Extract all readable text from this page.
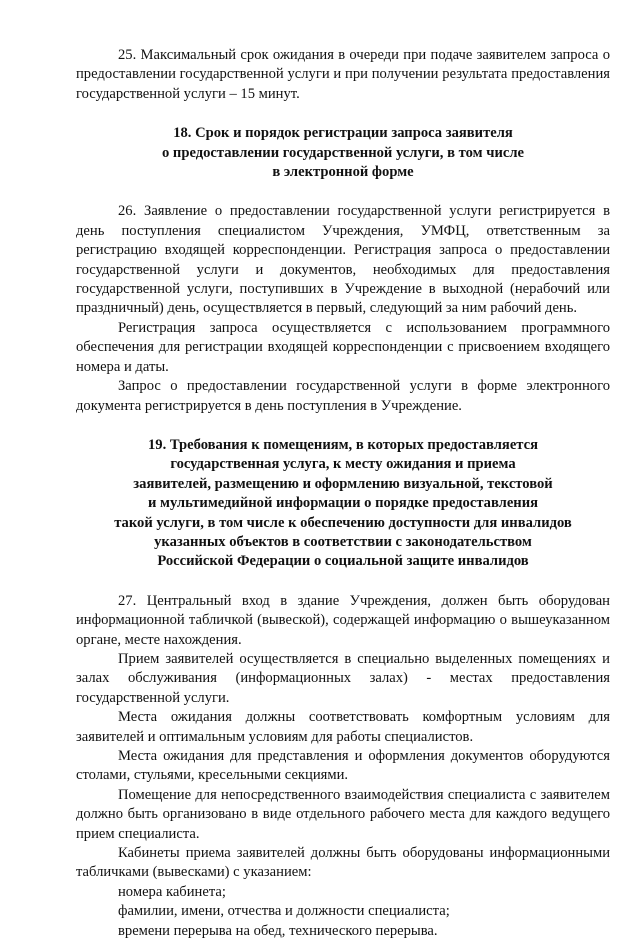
25. Максимальный срок ожидания в очереди при подаче заявителем запроса о предоставлении государственной услуги и при получении результата предоставления государственной услуги – 15 минут.

18. Срок и порядок регистрации запроса заявителя
о предоставлении государственной услуги, в том числе
в электронной форме

26. Заявление о предоставлении государственной услуги регистрируется в день поступления специалистом Учреждения, УМФЦ, ответственным за регистрацию входящей корреспонденции. Регистрация запроса о предоставлении государственной услуги и документов, необходимых для предоставления государственной услуги, поступивших в Учреждение в выходной (нерабочий или праздничный) день, осуществляется в первый, следующий за ним рабочий день.

Регистрация запроса осуществляется с использованием программного обеспечения для регистрации входящей корреспонденции с присвоением входящего номера и даты.

Запрос о предоставлении государственной услуги в форме электронного документа регистрируется в день поступления в Учреждение.

19. Требования к помещениям, в которых предоставляется
государственная услуга, к месту ожидания и приема
заявителей, размещению и оформлению визуальной, текстовой
и мультимедийной информации о порядке предоставления
такой услуги, в том числе к обеспечению доступности для инвалидов
указанных объектов в соответствии с законодательством
Российской Федерации о социальной защите инвалидов

27. Центральный вход в здание Учреждения, должен быть оборудован информационной табличкой (вывеской), содержащей информацию о вышеуказанном органе, месте нахождения.

Прием заявителей осуществляется в специально выделенных помещениях и залах обслуживания (информационных залах) - местах предоставления государственной услуги.

Места ожидания должны соответствовать комфортным условиям для заявителей и оптимальным условиям для работы специалистов.

Места ожидания для представления и оформления документов оборудуются столами, стульями, кресельными секциями.

Помещение для непосредственного взаимодействия специалиста с заявителем должно быть организовано в виде отдельного рабочего места для каждого ведущего прием специалиста.

Кабинеты приема заявителей должны быть оборудованы информационными табличками (вывесками) с указанием:

номера кабинета;

фамилии, имени, отчества и должности специалиста;

времени перерыва на обед, технического перерыва.
